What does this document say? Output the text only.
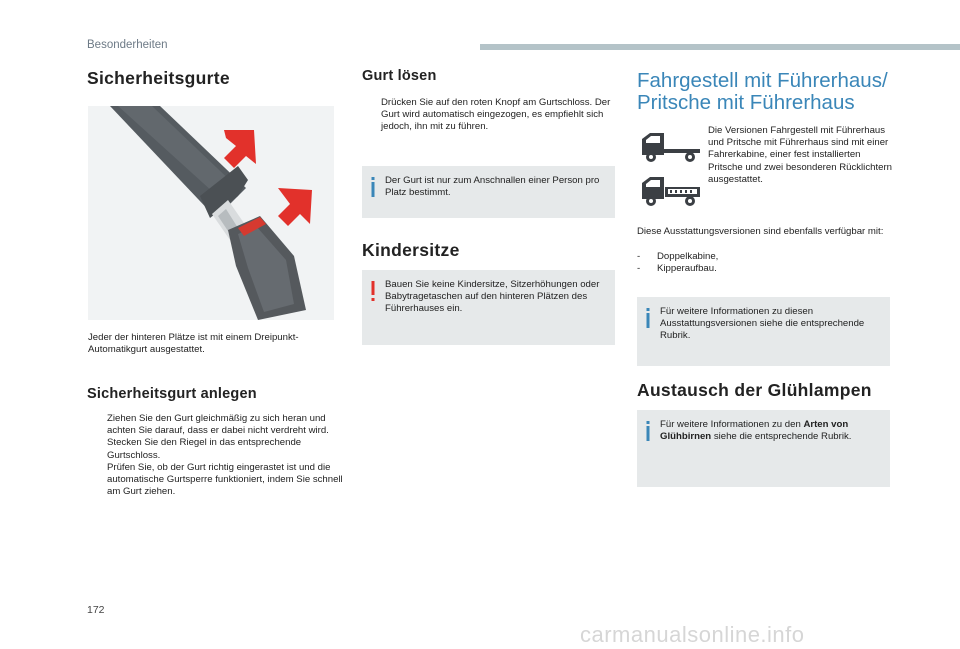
Besonderheiten
Sicherheitsgurte
Jeder der hinteren Plätze ist mit einem Dreipunkt-Automatikgurt ausgestattet.
Sicherheitsgurt anlegen
Ziehen Sie den Gurt gleichmäßig zu sich heran und achten Sie darauf, dass er dabei nicht verdreht wird.
Stecken Sie den Riegel in das entsprechende Gurtschloss.
Prüfen Sie, ob der Gurt richtig eingerastet ist und die automatische Gurtsperre funktioniert, indem Sie schnell am Gurt ziehen.
Gurt lösen
Drücken Sie auf den roten Knopf am Gurtschloss. Der Gurt wird automatisch eingezogen, es empfiehlt sich jedoch, ihn mit zu führen.
Der Gurt ist nur zum Anschnallen einer Person pro Platz bestimmt.
Kindersitze
Bauen Sie keine Kindersitze, Sitzerhöhungen oder Babytragetaschen auf den hinteren Plätzen des Führerhauses ein.
Fahrgestell mit Führerhaus/
Pritsche mit Führerhaus
Die Versionen Fahrgestell mit Führerhaus und Pritsche mit Führerhaus sind mit einer Fahrerkabine, einer fest installierten Pritsche und zwei besonderen Rücklichtern ausgestattet.
Diese Ausstattungsversionen sind ebenfalls verfügbar mit:
-	Doppelkabine,
-	Kipperaufbau.
Für weitere Informationen zu diesen Ausstattungsversionen siehe die entsprechende Rubrik.
Austausch der Glühlampen
Für weitere Informationen zu den Arten von Glühbirnen siehe die entsprechende Rubrik.
172
carmanualsonline.info
